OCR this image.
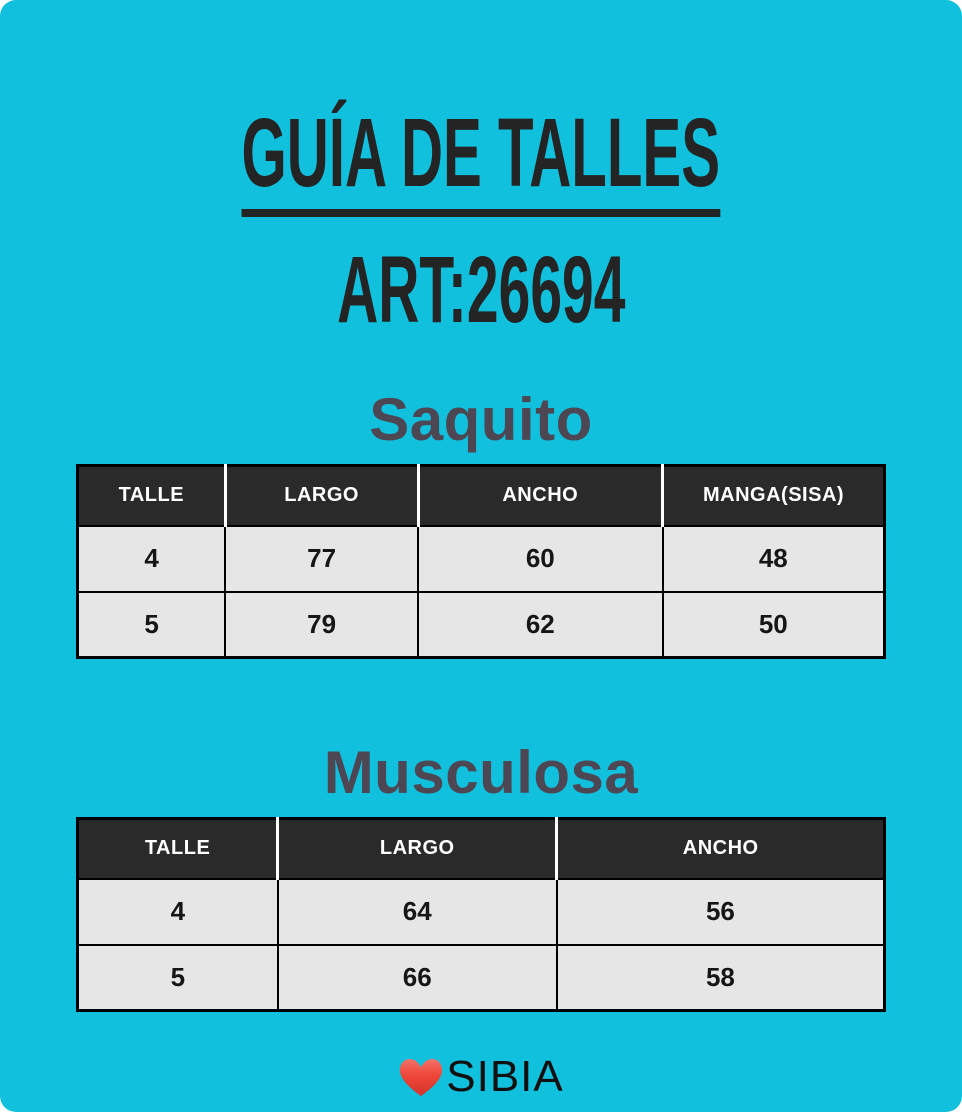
GUÍA DE TALLES
ART:26694
Saquito
TALLE	LARGO	ANCHO	MANGA(SISA)
4	77	60	48
5	79	62	50
Musculosa
TALLE	LARGO	ANCHO
4	64	56
5	66	58
SIBIA
